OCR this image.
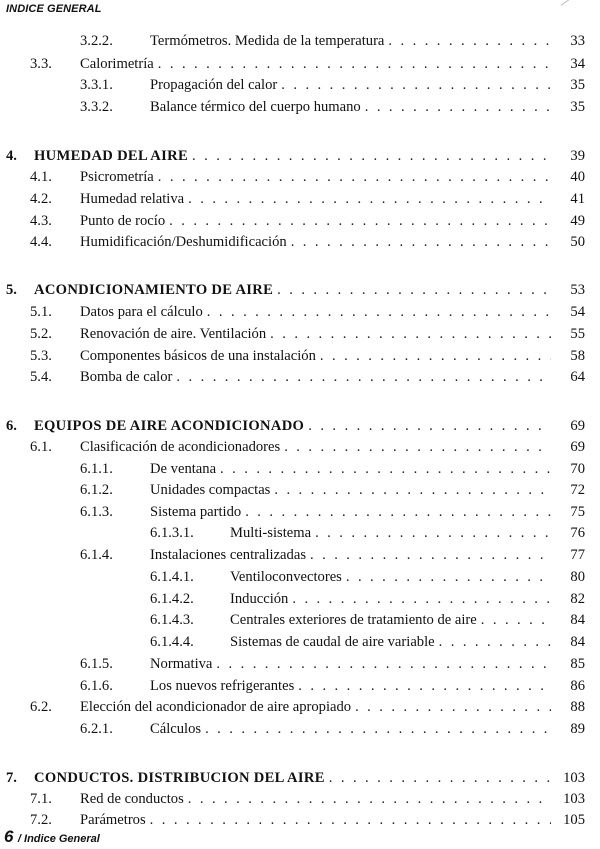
INDICE GENERAL
3.2.2.	Termómetros. Medida de la temperatura . . .	33
3.3.	Calorimetría . . .	34
3.3.1.	Propagación del calor . . .	35
3.3.2.	Balance térmico del cuerpo humano . . .	35
4.	HUMEDAD DEL AIRE . . .	39
4.1.	Psicrometría . . .	40
4.2.	Humedad relativa . . .	41
4.3.	Punto de rocío . . .	49
4.4.	Humidificación/Deshumidificación . . .	50
5.	ACONDICIONAMIENTO DE AIRE . . .	53
5.1.	Datos para el cálculo . . .	54
5.2.	Renovación de aire. Ventilación . . .	55
5.3.	Componentes básicos de una instalación . . .	58
5.4.	Bomba de calor . . .	64
6.	EQUIPOS DE AIRE ACONDICIONADO . . .	69
6.1.	Clasificación de acondicionadores . . .	69
6.1.1.	De ventana . . .	70
6.1.2.	Unidades compactas . . .	72
6.1.3.	Sistema partido . . .	75
6.1.3.1.	Multi-sistema . . .	76
6.1.4.	Instalaciones centralizadas . . .	77
6.1.4.1.	Ventiloconvectores . . .	80
6.1.4.2.	Inducción . . .	82
6.1.4.3.	Centrales exteriores de tratamiento de aire . . .	84
6.1.4.4.	Sistemas de caudal de aire variable . . .	84
6.1.5.	Normativa . . .	85
6.1.6.	Los nuevos refrigerantes . . .	86
6.2.	Elección del acondicionador de aire apropiado . . .	88
6.2.1.	Cálculos . . .	89
7.	CONDUCTOS. DISTRIBUCION DEL AIRE . . .	103
7.1.	Red de conductos . . .	103
7.2.	Parámetros . . .	105
6 / Indice General
